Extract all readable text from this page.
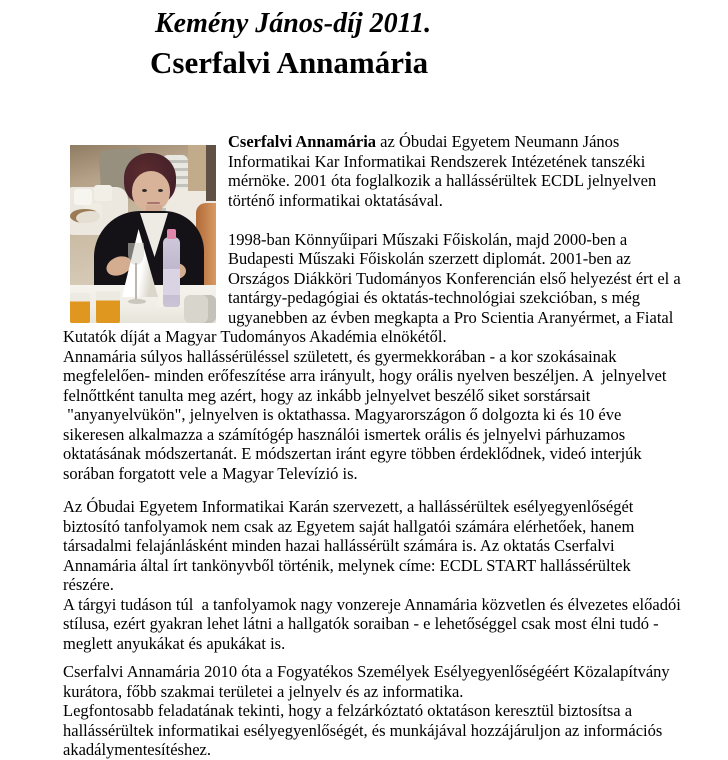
Kemény János-díj 2011.
Cserfalvi Annamária
Cserfalvi Annamária az Óbudai Egyetem Neumann János
Informatikai Kar Informatikai Rendszerek Intézetének tanszéki
mérnöke. 2001 óta foglalkozik a hallássérültek ECDL jelnyelven
történő informatikai oktatásával.
1998-ban Könnyűipari Műszaki Főiskolán, majd 2000-ben a
Budapesti Műszaki Főiskolán szerzett diplomát. 2001-ben az
Országos Diákköri Tudományos Konferencián első helyezést ért el a
tantárgy-pedagógiai és oktatás-technológiai szekcióban, s még
ugyanebben az évben megkapta a Pro Scientia Aranyérmet, a Fiatal
Kutatók díját a Magyar Tudományos Akadémia elnökétől.
Annamária súlyos hallássérüléssel született, és gyermekkorában - a kor szokásainak
megfelelően- minden erőfeszítése arra irányult, hogy orális nyelven beszéljen. A  jelnyelvet
felnőttként tanulta meg azért, hogy az inkább jelnyelvet beszélő siket sorstársait
"anyanyelvükön", jelnyelven is oktathassa. Magyarországon ő dolgozta ki és 10 éve
sikeresen alkalmazza a számítógép használói ismertek orális és jelnyelvi párhuzamos
oktatásának módszertanát. E módszertan iránt egyre többen érdeklődnek, videó interjúk
sorában forgatott vele a Magyar Televízió is.
Az Óbudai Egyetem Informatikai Karán szervezett, a hallássérültek esélyegyenlőségét
biztosító tanfolyamok nem csak az Egyetem saját hallgatói számára elérhetőek, hanem
társadalmi felajánlásként minden hazai hallássérült számára is. Az oktatás Cserfalvi
Annamária által írt tankönyvből történik, melynek címe: ECDL START hallássérültek
részére.
A tárgyi tudáson túl  a tanfolyamok nagy vonzereje Annamária közvetlen és élvezetes előadói
stílusa, ezért gyakran lehet látni a hallgatók soraiban - e lehetőséggel csak most élni tudó -
meglett anyukákat és apukákat is.
Cserfalvi Annamária 2010 óta a Fogyatékos Személyek Esélyegyenlőségéért Közalapítvány
kurátora, főbb szakmai területei a jelnyelv és az informatika.
Legfontosabb feladatának tekinti, hogy a felzárkóztató oktatáson keresztül biztosítsa a
hallássérültek informatikai esélyegyenlőségét, és munkájával hozzájáruljon az információs
akadálymentesítéshez.
